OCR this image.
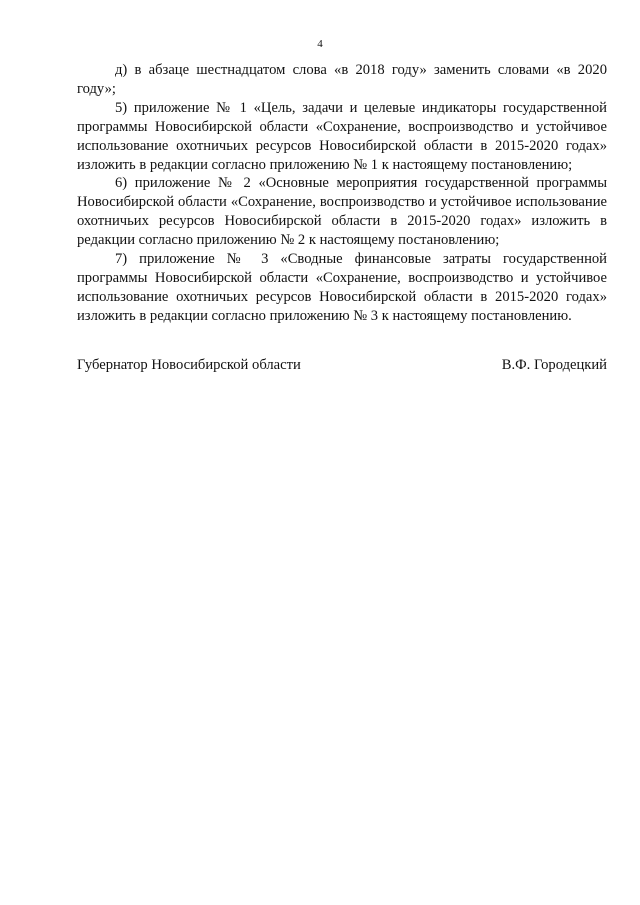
4

д) в абзаце шестнадцатом слова «в 2018 году» заменить словами «в 2020 году»;

5) приложение № 1 «Цель, задачи и целевые индикаторы государственной программы Новосибирской области «Сохранение, воспроизводство и устойчивое использование охотничьих ресурсов Новосибирской области в 2015-2020 годах» изложить в редакции согласно приложению № 1 к настоящему постановлению;

6) приложение № 2 «Основные мероприятия государственной программы Новосибирской области «Сохранение, воспроизводство и устойчивое использование охотничьих ресурсов Новосибирской области в 2015-2020 годах» изложить в редакции согласно приложению № 2 к настоящему постановлению;

7) приложение № 3 «Сводные финансовые затраты государственной программы Новосибирской области «Сохранение, воспроизводство и устойчивое использование охотничьих ресурсов Новосибирской области в 2015-2020 годах» изложить в редакции согласно приложению № 3 к настоящему постановлению.

Губернатор Новосибирской области	В.Ф. Городецкий
